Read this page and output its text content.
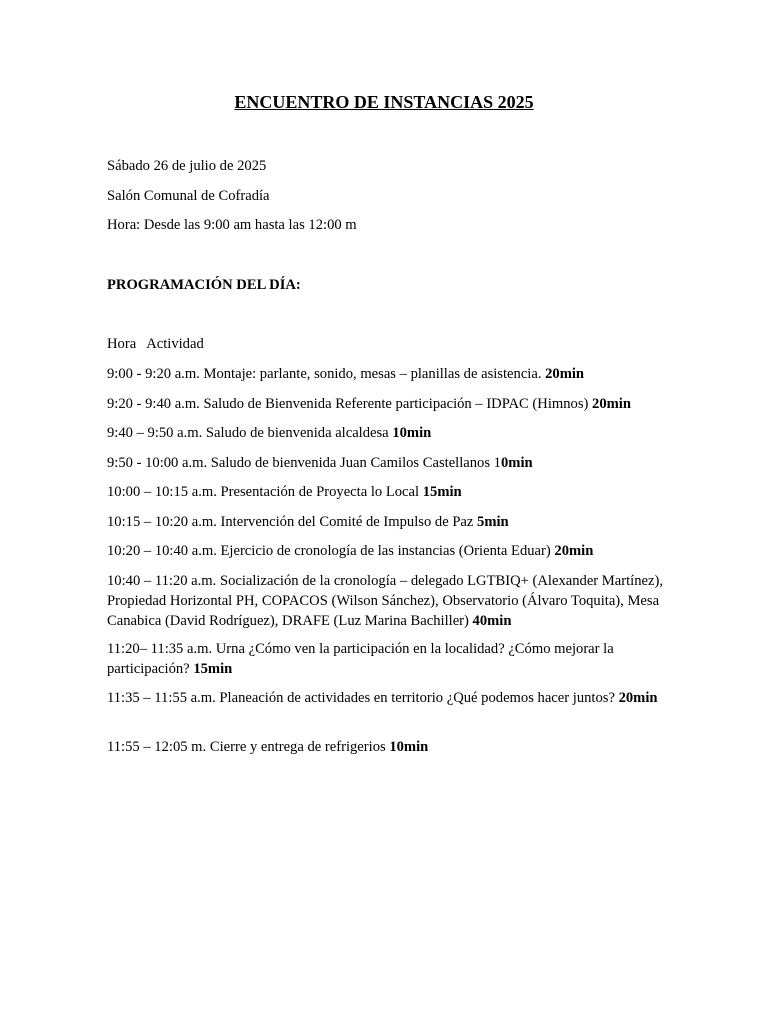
ENCUENTRO DE INSTANCIAS 2025
Sábado 26 de julio de 2025
Salón Comunal de Cofradía
Hora: Desde las 9:00 am hasta las 12:00 m
PROGRAMACIÓN DEL DÍA:
Hora Actividad
9:00 - 9:20 a.m. Montaje: parlante, sonido, mesas – planillas de asistencia. 20min
9:20 - 9:40 a.m. Saludo de Bienvenida Referente participación – IDPAC (Himnos) 20min
9:40 – 9:50 a.m. Saludo de bienvenida alcaldesa 10min
9:50 - 10:00 a.m. Saludo de bienvenida Juan Camilos Castellanos 10min
10:00 – 10:15 a.m. Presentación de Proyecta lo Local 15min
10:15 – 10:20 a.m. Intervención del Comité de Impulso de Paz 5min
10:20 – 10:40 a.m. Ejercicio de cronología de las instancias (Orienta Eduar) 20min
10:40 – 11:20 a.m. Socialización de la cronología – delegado LGTBIQ+ (Alexander Martínez), Propiedad Horizontal PH, COPACOS (Wilson Sánchez), Observatorio (Álvaro Toquita), Mesa Canabica (David Rodríguez), DRAFE (Luz Marina Bachiller) 40min
11:20– 11:35 a.m. Urna ¿Cómo ven la participación en la localidad? ¿Cómo mejorar la participación? 15min
11:35 – 11:55 a.m. Planeación de actividades en territorio ¿Qué podemos hacer juntos? 20min
11:55 – 12:05 m. Cierre y entrega de refrigerios 10min
